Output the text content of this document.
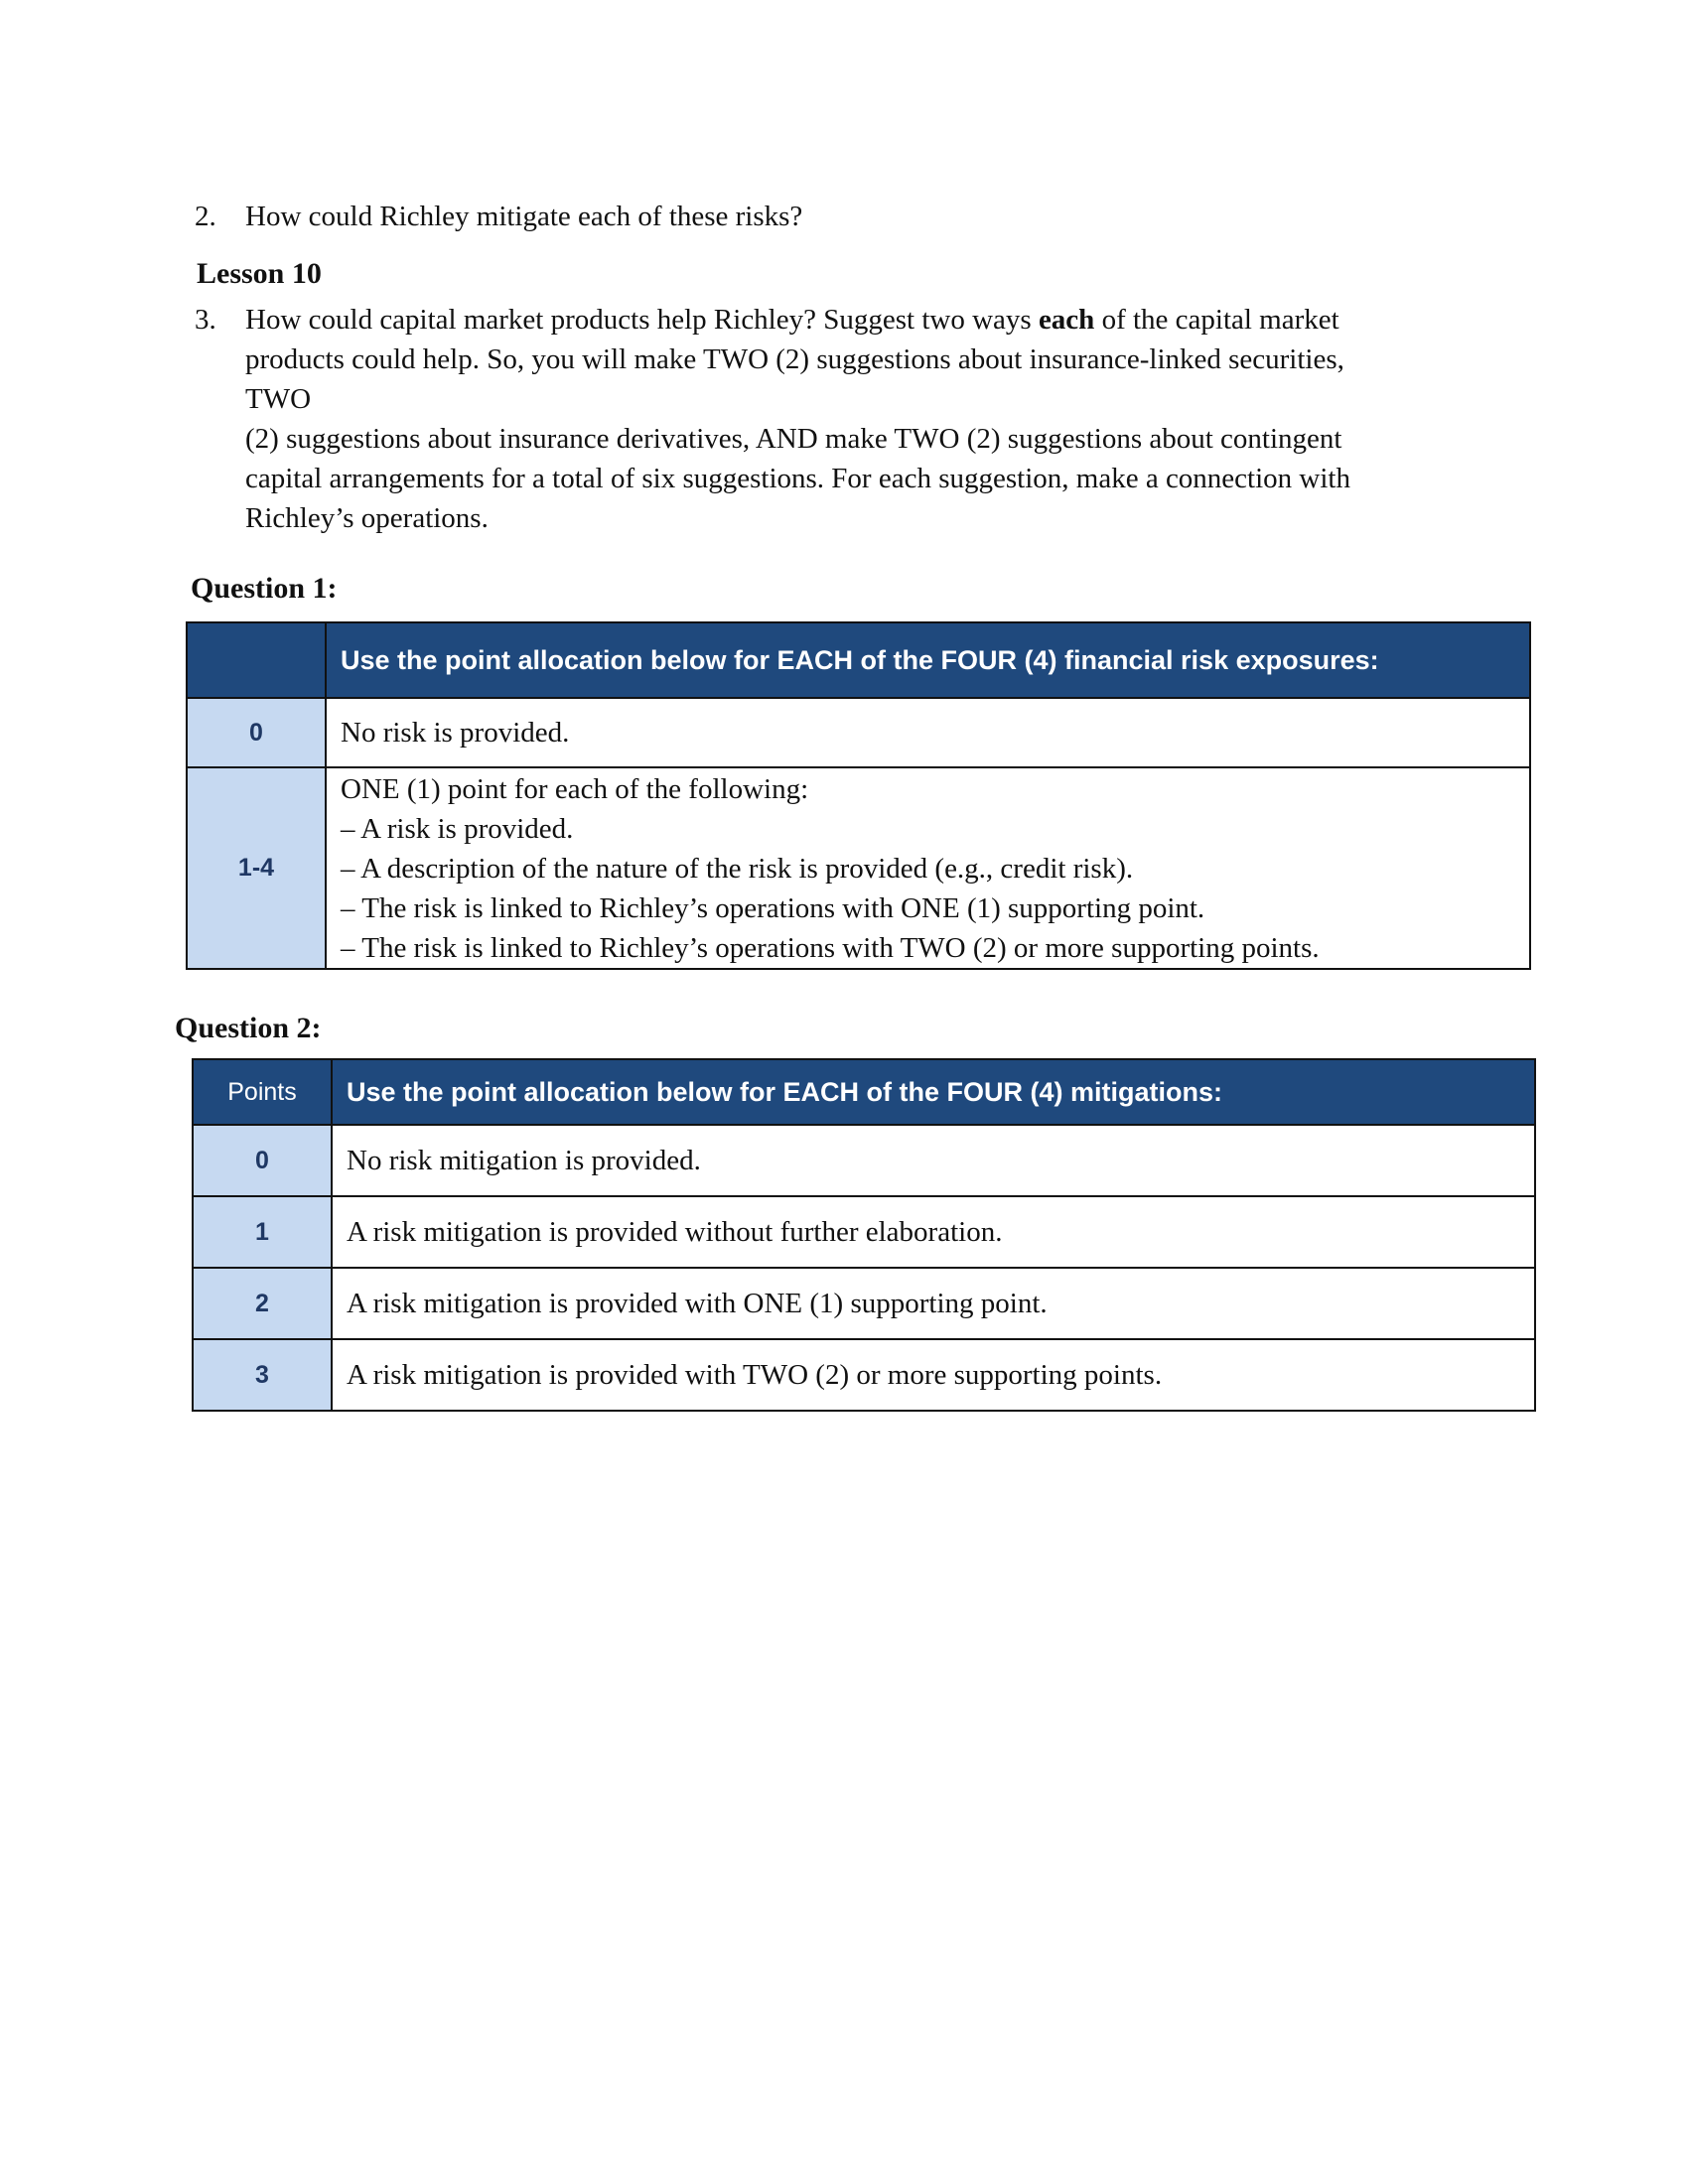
2. How could Richley mitigate each of these risks?
Lesson 10
3. How could capital market products help Richley? Suggest two ways each of the capital market

products could help. So, you will make TWO (2) suggestions about insurance-linked securities,

TWO

(2) suggestions about insurance derivatives, AND make TWO (2) suggestions about contingent

capital arrangements for a total of six suggestions. For each suggestion, make a connection with

Richley’s operations.

Question 1:
	Use the point allocation below for EACH of the FOUR (4) financial risk exposures:
0	No risk is provided.

1-4	ONE (1) point for each of the following:
– A risk is provided.
– A description of the nature of the risk is provided (e.g., credit risk).
– The risk is linked to Richley’s operations with ONE (1) supporting point.
– The risk is linked to Richley’s operations with TWO (2) or more supporting points.
Question 2:
Points	Use the point allocation below for EACH of the FOUR (4) mitigations:
0	No risk mitigation is provided.

1	A risk mitigation is provided without further elaboration.

2	A risk mitigation is provided with ONE (1) supporting point.

3	A risk mitigation is provided with TWO (2) or more supporting points.
